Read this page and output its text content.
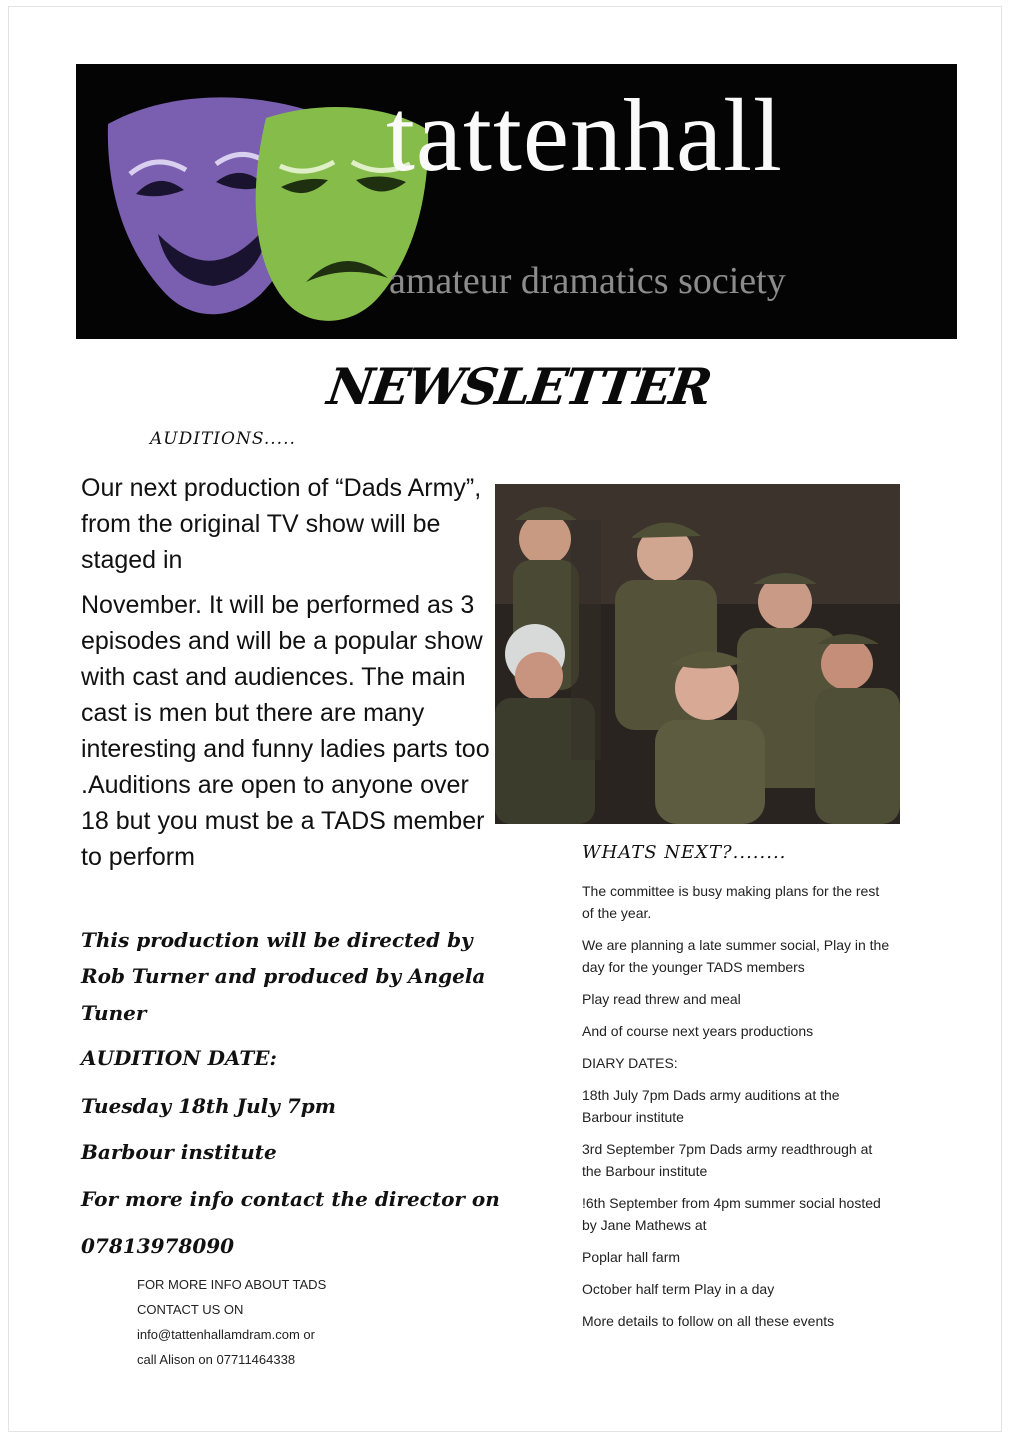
tattenhall
amateur dramatics society
NEWSLETTER
AUDITIONS.....

Our next production of “Dads Army”, from the original TV show will be staged in

November. It will be performed as 3 episodes and will be a popular show with cast and audiences. The main cast is men but there are many interesting and funny ladies parts too .Auditions are open to anyone over 18 but you must be a TADS member to perform

This production will be directed by
Rob Turner and produced by Angela
Tuner
AUDITION DATE:
Tuesday 18th July 7pm
Barbour institute
For more info contact the director on
07813978090
FOR MORE INFO ABOUT TADS
CONTACT US ON
info@tattenhallamdram.com or
call Alison on 07711464338
WHATS NEXT?........

The committee is busy making plans for the rest of the year.

We are planning a late summer social, Play in the day for the younger TADS members

Play read threw and meal

And of course next years productions

DIARY DATES:

18th July 7pm Dads army auditions at the Barbour institute

3rd September 7pm Dads army readthrough at the Barbour institute

!6th September from 4pm summer social hosted by Jane Mathews at

Poplar hall farm

October half term Play in a day

More details to follow on all these events
